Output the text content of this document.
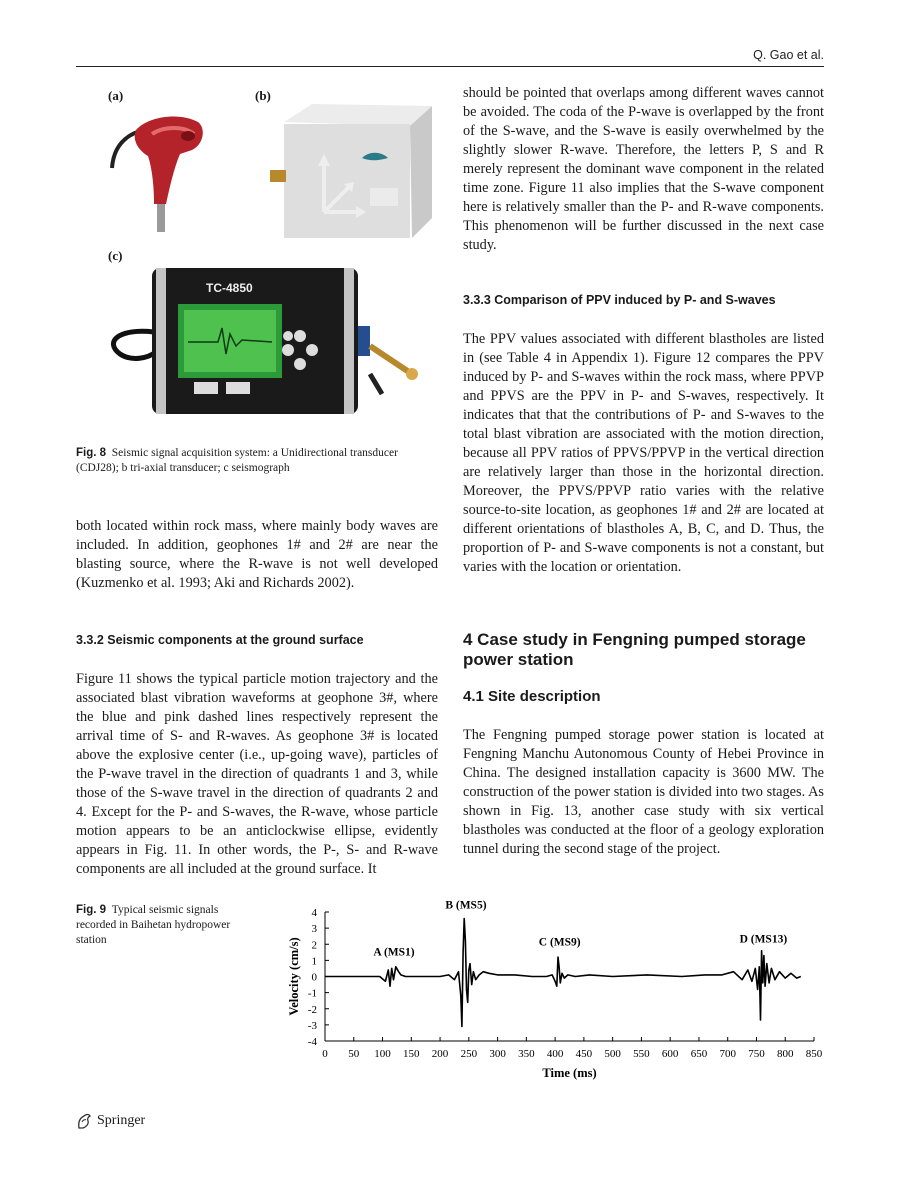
Q. Gao et al.
(a)	(b)
(c)
TC-4850
Fig. 8 Seismic signal acquisition system: a Unidirectional transducer (CDJ28); b tri-axial transducer; c seismograph

both located within rock mass, where mainly body waves are included. In addition, geophones 1# and 2# are near the blasting source, where the R-wave is not well developed (Kuzmenko et al. 1993; Aki and Richards 2002).

3.3.2 Seismic components at the ground surface

Figure 11 shows the typical particle motion trajectory and the associated blast vibration waveforms at geophone 3#, where the blue and pink dashed lines respectively represent the arrival time of S- and R-waves. As geophone 3# is located above the explosive center (i.e., up-going wave), particles of the P-wave travel in the direction of quadrants 1 and 3, while those of the S-wave travel in the direction of quadrants 2 and 4. Except for the P- and S-waves, the R-wave, whose particle motion appears to be an anticlockwise ellipse, evidently appears in Fig. 11. In other words, the P-, S- and R-wave components are all included at the ground surface. It

should be pointed that overlaps among different waves cannot be avoided. The coda of the P-wave is overlapped by the front of the S-wave, and the S-wave is easily overwhelmed by the slightly slower R-wave. Therefore, the letters P, S and R merely represent the dominant wave component in the related time zone. Figure 11 also implies that the S-wave component here is relatively smaller than the P- and R-wave components. This phenomenon will be further discussed in the next case study.

3.3.3 Comparison of PPV induced by P- and S-waves

The PPV values associated with different blastholes are listed in (see Table 4 in Appendix 1). Figure 12 compares the PPV induced by P- and S-waves within the rock mass, where PPVP and PPVS are the PPV in P- and S-waves, respectively. It indicates that that the contributions of P- and S-waves to the total blast vibration are associated with the motion direction, because all PPV ratios of PPVS/PPVP in the vertical direction are relatively larger than those in the horizontal direction. Moreover, the PPVS/PPVP ratio varies with the relative source-to-site location, as geophones 1# and 2# are located at different orientations of blastholes A, B, C, and D. Thus, the proportion of P- and S-wave components is not a constant, but varies with the location or orientation.

4 Case study in Fengning pumped storage power station
4.1 Site description

The Fengning pumped storage power station is located at Fengning Manchu Autonomous County of Hebei Province in China. The designed installation capacity is 3600 MW. The construction of the power station is divided into two stages. As shown in Fig. 13, another case study with six vertical blastholes was conducted at the floor of a geology exploration tunnel during the second stage of the project.

Fig. 9 Typical seismic signals recorded in Baihetan hydropower station
-4
-3
-2
-1
0
1
2
3
4
0 50 100 150 200 250 300 350 400 450 500 550 600 650 700 750 800 850
Time (ms)
Velocity (cm/s)	A (MS1)
B (MS5)
C (MS9)	D (MS13)
Springer
